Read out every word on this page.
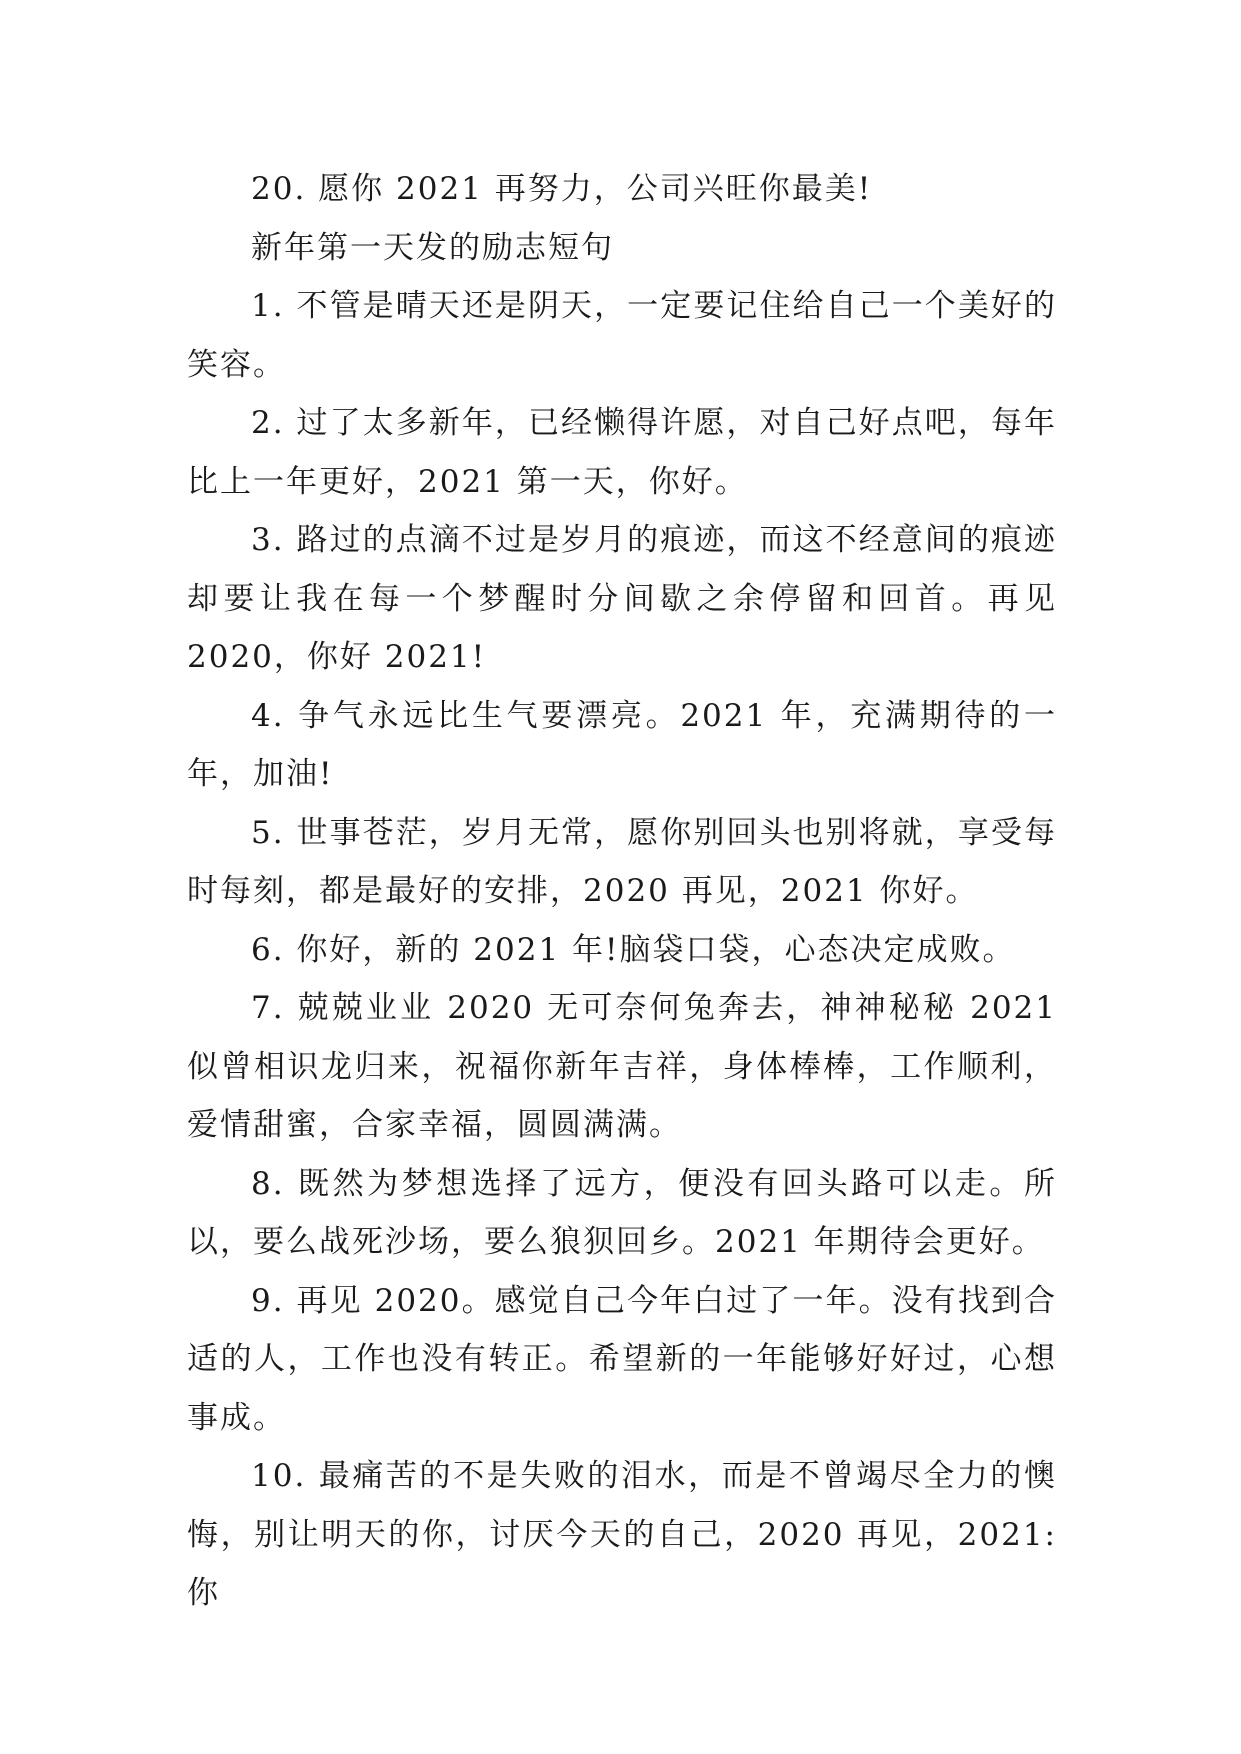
20. 愿你 2021 再努力，公司兴旺你最美!

新年第一天发的励志短句

1. 不管是晴天还是阴天，一定要记住给自己一个美好的笑容。

2. 过了太多新年，已经懒得许愿，对自己好点吧，每年比上一年更好，2021 第一天，你好。

3. 路过的点滴不过是岁月的痕迹，而这不经意间的痕迹却要让我在每一个梦醒时分间歇之余停留和回首。再见 2020，你好 2021!

4. 争气永远比生气要漂亮。2021 年，充满期待的一年，加油!

5. 世事苍茫，岁月无常，愿你别回头也别将就，享受每时每刻，都是最好的安排，2020 再见，2021 你好。

6. 你好，新的 2021 年!脑袋口袋，心态决定成败。

7. 兢兢业业 2020 无可奈何兔奔去，神神秘秘 2021 似曾相识龙归来，祝福你新年吉祥，身体棒棒，工作顺利，爱情甜蜜，合家幸福，圆圆满满。

8. 既然为梦想选择了远方，便没有回头路可以走。所以，要么战死沙场，要么狼狈回乡。2021 年期待会更好。

9. 再见 2020。感觉自己今年白过了一年。没有找到合适的人，工作也没有转正。希望新的一年能够好好过，心想事成。

10. 最痛苦的不是失败的泪水，而是不曾竭尽全力的懊悔，别让明天的你，讨厌今天的自己，2020 再见，2021: 你
